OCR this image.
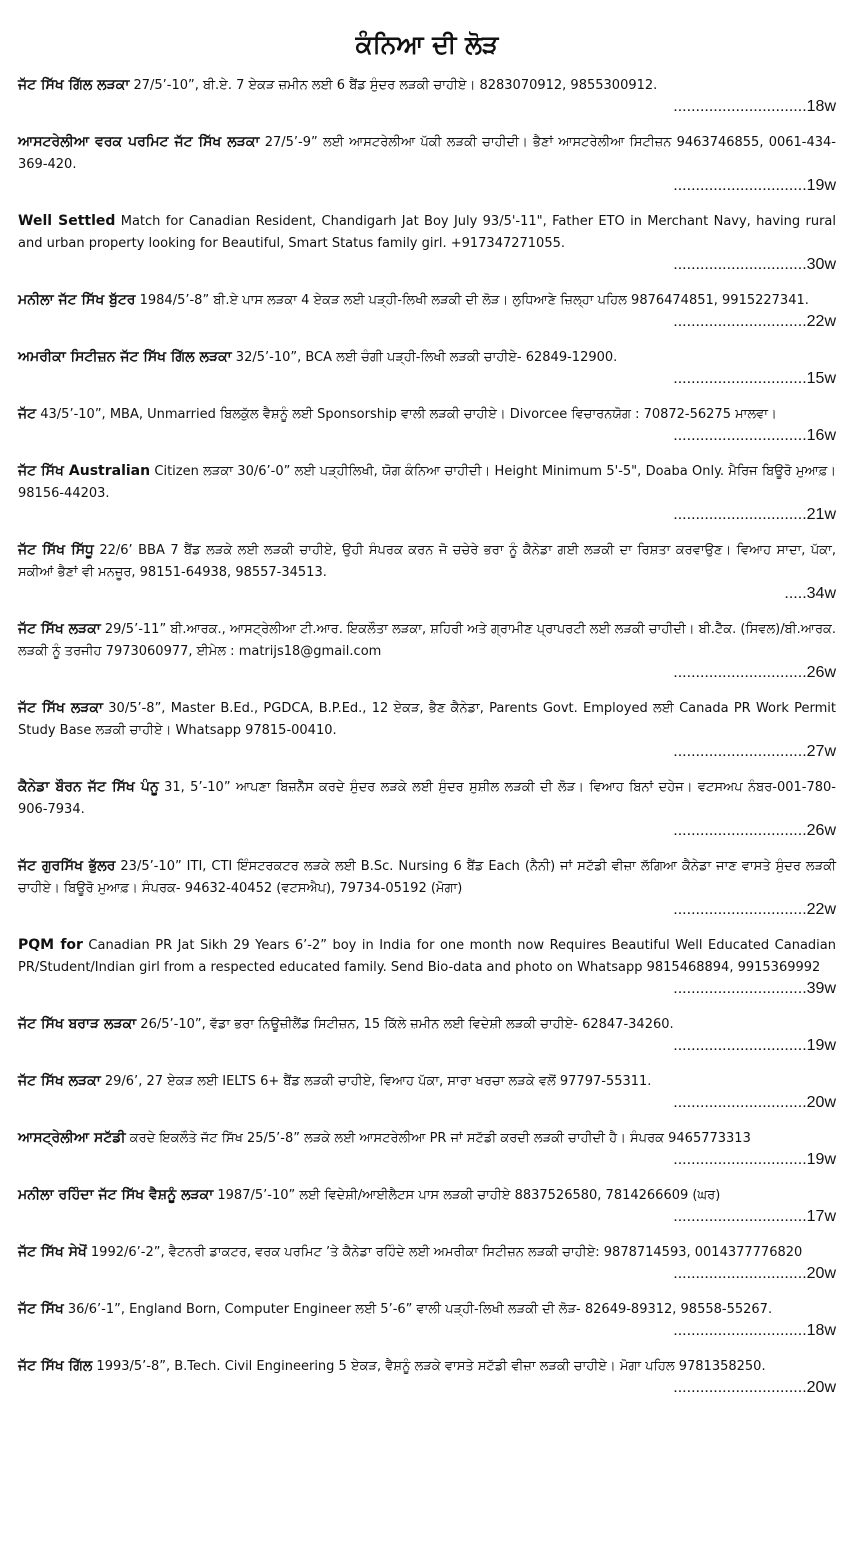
ਕੰਨਿਆ ਦੀ ਲੋੜ
ਜੱਟ ਸਿੱਖ ਗਿੱਲ ਲੜਕਾ 27/5’-10”, ਬੀ.ਏ. 7 ਏਕੜ ਜ਼ਮੀਨ ਲਈ 6 ਬੈਂਡ ਸੁੰਦਰ ਲੜਕੀ ਚਾਹੀਏ। 8283070912, 9855300912.
.............................. 18w
ਆਸਟਰੇਲੀਆ ਵਰਕ ਪਰਮਿਟ ਜੱਟ ਸਿੱਖ ਲੜਕਾ 27/5’-9” ਲਈ ਆਸਟਰੇਲੀਆ ਪੱਕੀ ਲੜਕੀ ਚਾਹੀਦੀ। ਭੈਣਾਂ ਆਸਟਰੇਲੀਆ ਸਿਟੀਜ਼ਨ 9463746855, 0061-434-369-420.
.............................. 19w
Well Settled Match for Canadian Resident, Chandigarh Jat Boy July 93/5'-11", Father ETO in Merchant Navy, having rural and urban property looking for Beautiful, Smart Status family girl. +917347271055.
.............................. 30w
ਮਨੀਲਾ ਜੱਟ ਸਿੱਖ ਬੁੱਟਰ 1984/5’-8” ਬੀ.ਏ ਪਾਸ ਲੜਕਾ 4 ਏਕੜ ਲਈ ਪੜ੍ਹੀ-ਲਿਖੀ ਲੜਕੀ ਦੀ ਲੋੜ। ਲੁਧਿਆਣੇ ਜ਼ਿਲ੍ਹਾ ਪਹਿਲ 9876474851, 9915227341.
.............................. 22w
ਅਮਰੀਕਾ ਸਿਟੀਜ਼ਨ ਜੱਟ ਸਿੱਖ ਗਿੱਲ ਲੜਕਾ 32/5’-10”, BCA ਲਈ ਚੰਗੀ ਪੜ੍ਹੀ-ਲਿਖੀ ਲੜਕੀ ਚਾਹੀਏ- 62849-12900.
.............................. 15w
ਜੱਟ 43/5’-10”, MBA, Unmarried ਬਿਲਕੁੱਲ ਵੈਸ਼ਨੂੰ ਲਈ Sponsorship ਵਾਲੀ ਲੜਕੀ ਚਾਹੀਏ। Divorcee ਵਿਚਾਰਨਯੋਗ : 70872-56275 ਮਾਲਵਾ।
.............................. 16w
ਜੱਟ ਸਿੱਖ Australian Citizen ਲੜਕਾ 30/6’-0” ਲਈ ਪੜ੍ਹੀਲਿਖੀ, ਯੋਗ ਕੰਨਿਆ ਚਾਹੀਦੀ। Height Minimum 5'-5", Doaba Only. ਮੈਰਿਜ ਬਿਊਰੋ ਮੁਆਫ਼। 98156-44203.
.............................. 21w
ਜੱਟ ਸਿੱਖ ਸਿੱਧੂ 22/6’ BBA 7 ਬੈਂਡ ਲੜਕੇ ਲਈ ਲੜਕੀ ਚਾਹੀਏ, ਉਹੀ ਸੰਪਰਕ ਕਰਨ ਜੋ ਚਚੇਰੇ ਭਰਾ ਨੂੰ ਕੈਨੇਡਾ ਗਈ ਲੜਕੀ ਦਾ ਰਿਸ਼ਤਾ ਕਰਵਾਉਣ। ਵਿਆਹ ਸਾਦਾ, ਪੱਕਾ, ਸਕੀਆਂ ਭੈਣਾਂ ਵੀ ਮਨਜ਼ੂਰ, 98151-64938, 98557-34513.
..... 34w
ਜੱਟ ਸਿੱਖ ਲੜਕਾ 29/5’-11” ਬੀ.ਆਰਕ., ਆਸਟ੍ਰੇਲੀਆ ਟੀ.ਆਰ. ਇਕਲੌਤਾ ਲੜਕਾ, ਸ਼ਹਿਰੀ ਅਤੇ ਗ੍ਰਾਮੀਣ ਪ੍ਰਾਪਰਟੀ ਲਈ ਲੜਕੀ ਚਾਹੀਦੀ। ਬੀ.ਟੈੱਕ. (ਸਿਵਲ)/ਬੀ.ਆਰਕ. ਲੜਕੀ ਨੂੰ ਤਰਜੀਹ 7973060977, ਈਮੇਲ : matrijs18@gmail.com
.............................. 26w
ਜੱਟ ਸਿੱਖ ਲੜਕਾ 30/5’-8”, Master B.Ed., PGDCA, B.P.Ed., 12 ਏਕੜ, ਭੈਣ ਕੈਨੇਡਾ, Parents Govt. Employed ਲਈ Canada PR Work Permit Study Base ਲੜਕੀ ਚਾਹੀਏ। Whatsapp 97815-00410.
.............................. 27w
ਕੈਨੇਡਾ ਬੌਰਨ ਜੱਟ ਸਿੱਖ ਪੰਨੂ 31, 5’-10” ਆਪਣਾ ਬਿਜ਼ਨੈੱਸ ਕਰਦੇ ਸੁੰਦਰ ਲੜਕੇ ਲਈ ਸੁੰਦਰ ਸੁਸ਼ੀਲ ਲੜਕੀ ਦੀ ਲੋੜ। ਵਿਆਹ ਬਿਨਾਂ ਦਹੇਜ। ਵਟਸਅਪ ਨੰਬਰ-001-780-906-7934.
.............................. 26w
ਜੱਟ ਗੁਰਸਿੱਖ ਭੁੱਲਰ 23/5’-10” ITI, CTI ਇੰਸਟਰਕਟਰ ਲੜਕੇ ਲਈ B.Sc. Nursing 6 ਬੈਂਡ Each (ਨੈਨੀ) ਜਾਂ ਸਟੱਡੀ ਵੀਜ਼ਾ ਲੱਗਿਆ ਕੈਨੇਡਾ ਜਾਣ ਵਾਸਤੇ ਸੁੰਦਰ ਲੜਕੀ ਚਾਹੀਏ। ਬਿਊਰੋ ਮੁਆਫ਼। ਸੰਪਰਕ- 94632-40452 (ਵਟਸਐਪ), 79734-05192 (ਮੋਗਾ)
.............................. 22w
PQM for Canadian PR Jat Sikh 29 Years 6’-2” boy in India for one month now Requires Beautiful Well Educated Canadian PR/Student/Indian girl from a respected educated family. Send Bio-data and photo on Whatsapp 9815468894, 9915369992
.............................. 39w
ਜੱਟ ਸਿੱਖ ਬਰਾੜ ਲੜਕਾ 26/5’-10”, ਵੱਡਾ ਭਰਾ ਨਿਊਜ਼ੀਲੈਂਡ ਸਿਟੀਜ਼ਨ, 15 ਕਿੱਲੇ ਜ਼ਮੀਨ ਲਈ ਵਿਦੇਸ਼ੀ ਲੜਕੀ ਚਾਹੀਏ- 62847-34260.
.............................. 19w
ਜੱਟ ਸਿੱਖ ਲੜਕਾ 29/6’, 27 ਏਕੜ ਲਈ IELTS 6+ ਬੈਂਡ ਲੜਕੀ ਚਾਹੀਏ, ਵਿਆਹ ਪੱਕਾ, ਸਾਰਾ ਖਰਚਾ ਲੜਕੇ ਵਲੋਂ 97797-55311.
.............................. 20w
ਆਸਟ੍ਰੇਲੀਆ ਸਟੱਡੀ ਕਰਦੇ ਇਕਲੌਤੇ ਜੱਟ ਸਿੱਖ 25/5’-8” ਲੜਕੇ ਲਈ ਆਸਟਰੇਲੀਆ PR ਜਾਂ ਸਟੱਡੀ ਕਰਦੀ ਲੜਕੀ ਚਾਹੀਦੀ ਹੈ। ਸੰਪਰਕ 9465773313
.............................. 19w
ਮਨੀਲਾ ਰਹਿੰਦਾ ਜੱਟ ਸਿੱਖ ਵੈਸ਼ਨੂੰ ਲੜਕਾ 1987/5’-10” ਲਈ ਵਿਦੇਸ਼ੀ/ਆਈਲੈਟਸ ਪਾਸ ਲੜਕੀ ਚਾਹੀਏ 8837526580, 7814266609 (ਘਰ)
.............................. 17w
ਜੱਟ ਸਿੱਖ ਸੇਖੋਂ 1992/6’-2”, ਵੈਟਨਰੀ ਡਾਕਟਰ, ਵਰਕ ਪਰਮਿਟ ’ਤੇ ਕੈਨੇਡਾ ਰਹਿੰਦੇ ਲਈ ਅਮਰੀਕਾ ਸਿਟੀਜ਼ਨ ਲੜਕੀ ਚਾਹੀਏ: 9878714593, 0014377776820
.............................. 20w
ਜੱਟ ਸਿੱਖ 36/6’-1”, England Born, Computer Engineer ਲਈ 5’-6” ਵਾਲੀ ਪੜ੍ਹੀ-ਲਿਖੀ ਲੜਕੀ ਦੀ ਲੋੜ- 82649-89312, 98558-55267.
.............................. 18w
ਜੱਟ ਸਿੱਖ ਗਿੱਲ 1993/5’-8”, B.Tech. Civil Engineering 5 ਏਕੜ, ਵੈਸ਼ਨੂੰ ਲੜਕੇ ਵਾਸਤੇ ਸਟੱਡੀ ਵੀਜ਼ਾ ਲੜਕੀ ਚਾਹੀਏ। ਮੋਗਾ ਪਹਿਲ 9781358250.
.............................. 20w
